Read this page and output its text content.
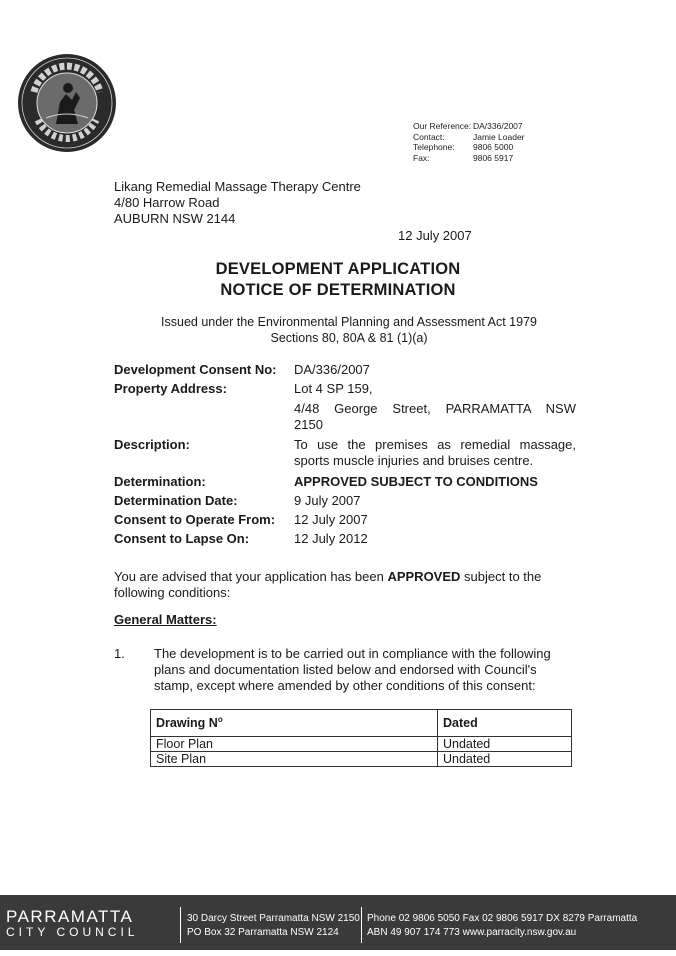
Our Reference: DA/336/2007
Contact:	Jamie Loader
Telephone:	9806 5000
Fax:	9806 5917
Likang Remedial Massage Therapy Centre
4/80 Harrow Road
AUBURN NSW 2144
12 July 2007
DEVELOPMENT APPLICATION
NOTICE OF DETERMINATION
Issued under the Environmental Planning and Assessment Act 1979
Sections 80, 80A & 81 (1)(a)
Development Consent No:	DA/336/2007
Property Address:	Lot 4 SP 159,
4/48 George Street, PARRAMATTA NSW
2150
Description:	To use the premises as remedial massage,
sports muscle injuries and bruises centre.
Determination:	APPROVED SUBJECT TO CONDITIONS
Determination Date:	9 July 2007
Consent to Operate From:	12 July 2007
Consent to Lapse On:	12 July 2012
You are advised that your application has been APPROVED subject to the following conditions:
General Matters:
1.	The development is to be carried out in compliance with the following
plans and documentation listed below and endorsed with Council's
stamp, except where amended by other conditions of this consent:
Drawing $N^o$	Dated
Floor Plan	Undated
Site Plan	Undated
PARRAMATTA
CITY COUNCIL
30 Darcy Street Parramatta NSW 2150
PO Box 32 Parramatta NSW 2124
Phone 02 9806 5050 Fax 02 9806 5917 DX 8279 Parramatta
ABN 49 907 174 773 www.parracity.nsw.gov.au
